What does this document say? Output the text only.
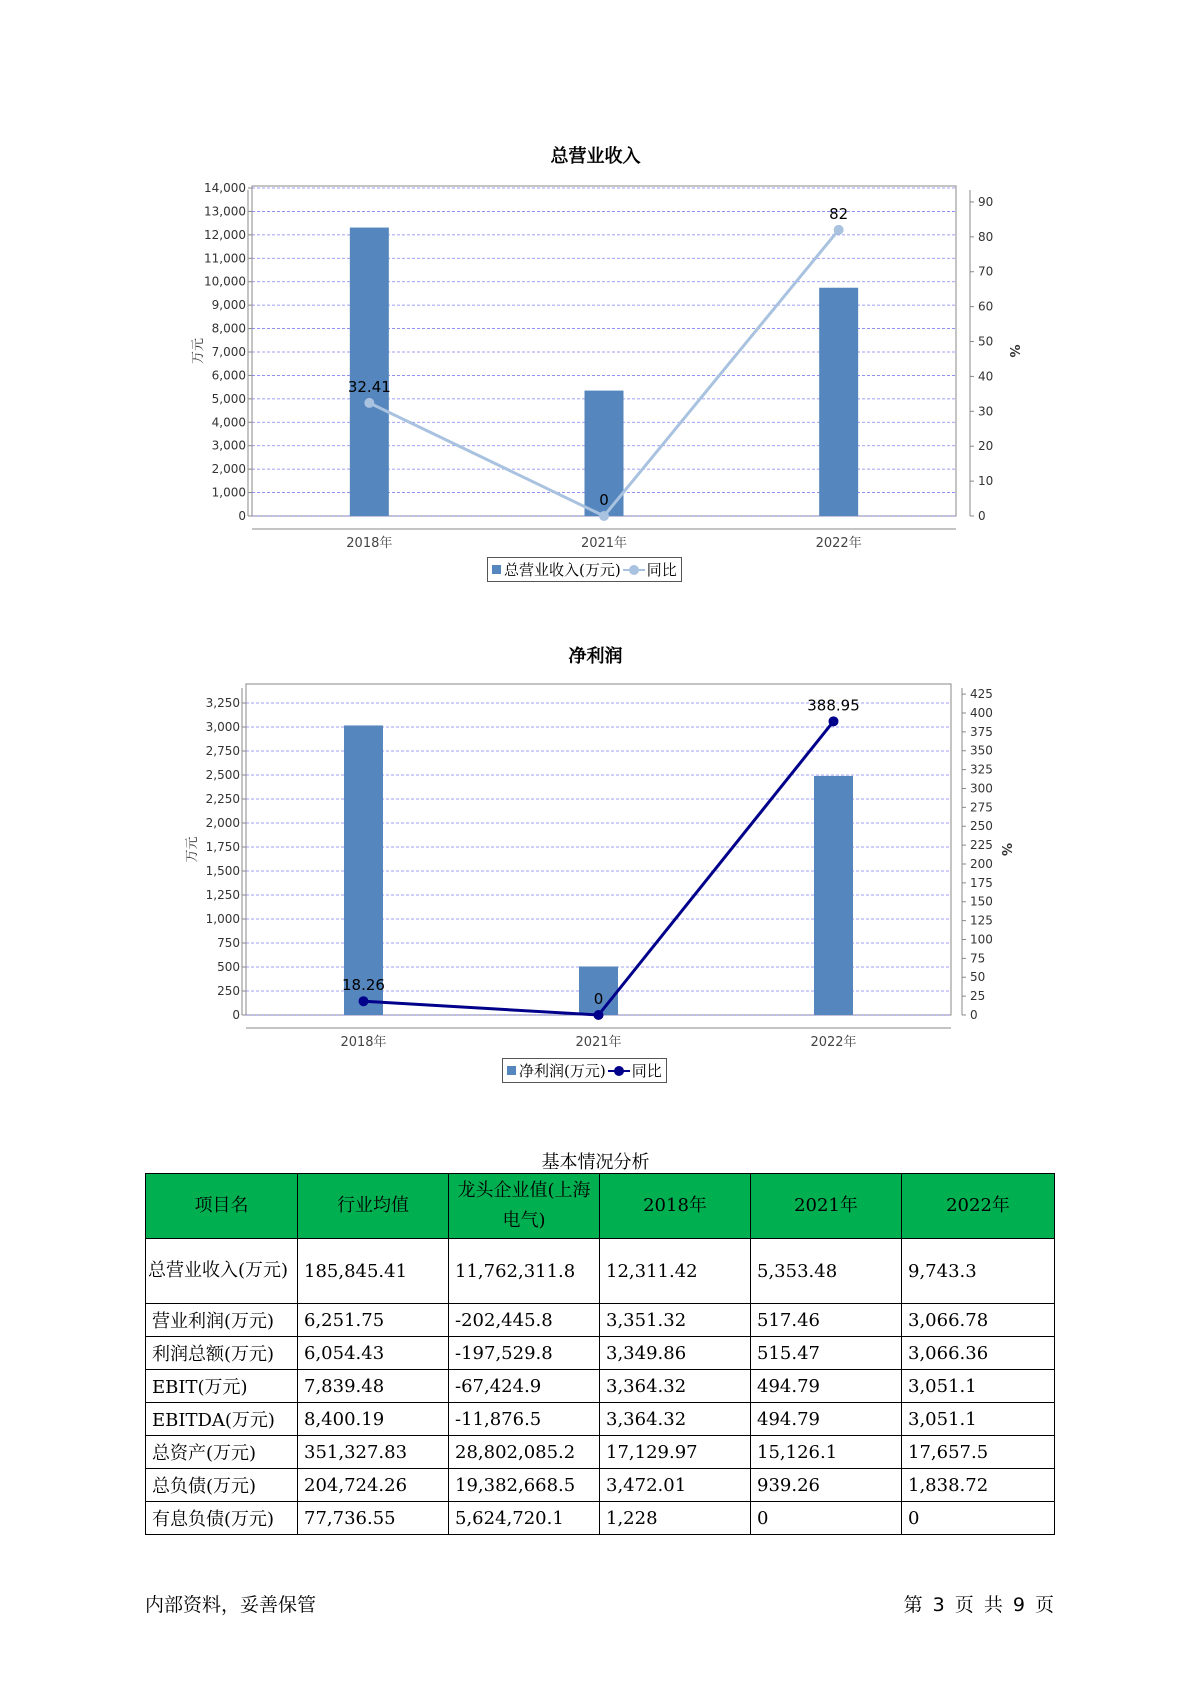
总营业收入
0
1,000
2,000
3,000
4,000
5,000
6,000
7,000
8,000
9,000
10,000
11,000
12,000
13,000
14,000
0
10
20
30
40
50
60
70
80
90
万元	%
2018年	2021年	2022年
32.41
0
82
总营业收入(万元) 同比
净利润
0
250
500
750
1,000
1,250
1,500
1,750
2,000
2,250
2,500
2,750
3,000
3,250
0
25
50
75
100
125
150
175
200
225
250
275
300
325
350
375
400
425
万元	%
2018年	2021年	2022年
18.26
0
388.95
净利润(万元) 同比
基本情况分析
项目名	行业均值	龙头企业值(上海电气)	2018年	2021年	2022年
总营业收入(万元)	185,845.41	11,762,311.8	12,311.42	5,353.48	9,743.3
营业利润(万元)	6,251.75	-202,445.8	3,351.32	517.46	3,066.78
利润总额(万元)	6,054.43	-197,529.8	3,349.86	515.47	3,066.36
EBIT(万元)	7,839.48	-67,424.9	3,364.32	494.79	3,051.1
EBITDA(万元)	8,400.19	-11,876.5	3,364.32	494.79	3,051.1
总资产(万元)	351,327.83	28,802,085.2	17,129.97	15,126.1	17,657.5
总负债(万元)	204,724.26	19,382,668.5	3,472.01	939.26	1,838.72
有息负债(万元)	77,736.55	5,624,720.1	1,228	0	0
内部资料，妥善保管	第 3 页 共 9 页
